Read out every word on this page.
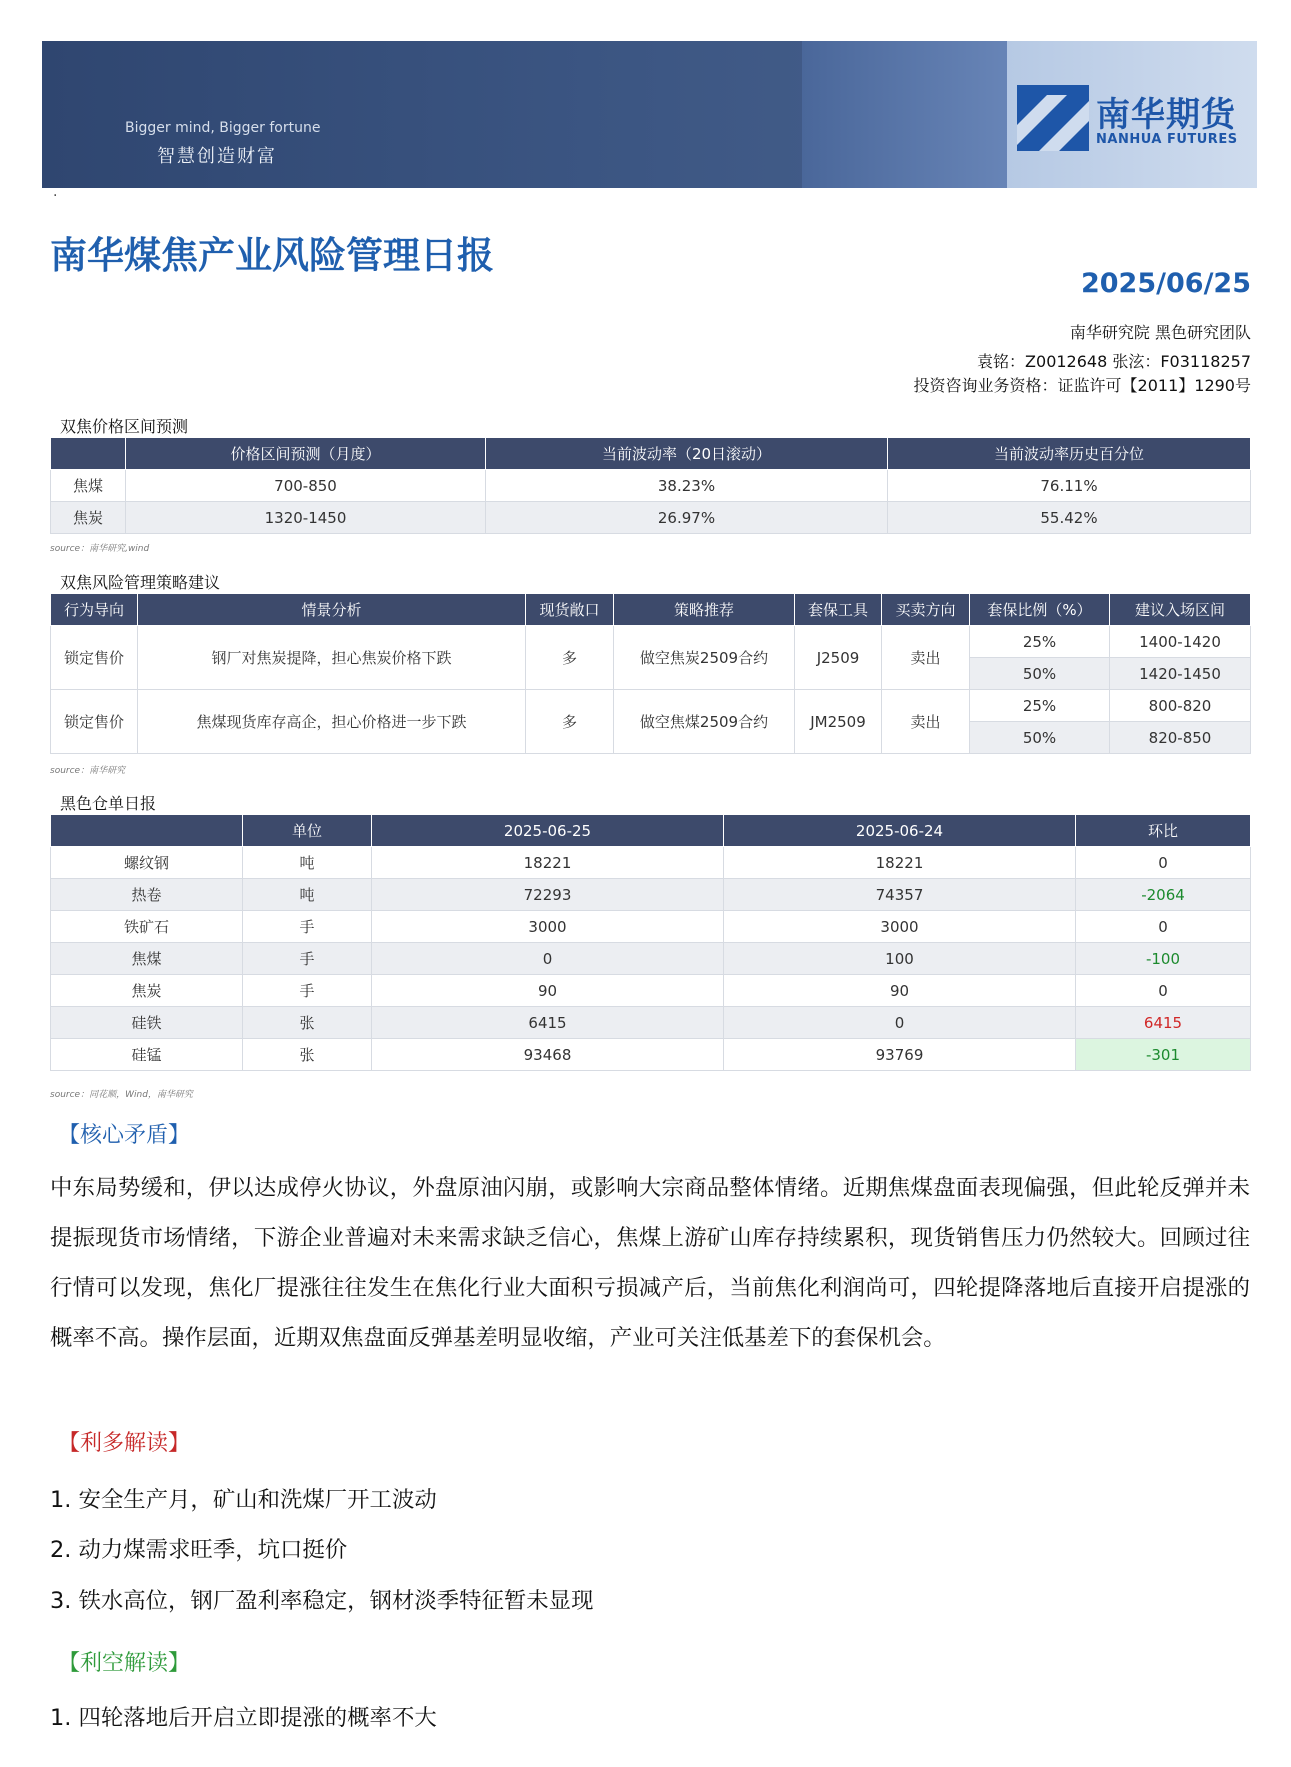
Bigger mind, Bigger fortune
智慧创造财富
南华期货
NANHUA FUTURES
·
南华煤焦产业风险管理日报
2025/06/25
南华研究院 黑色研究团队
袁铭：Z0012648 张泫：F03118257
投资咨询业务资格：证监许可【2011】1290号
双焦价格区间预测
	价格区间预测（月度）	当前波动率（20日滚动）	当前波动率历史百分位
焦煤	700-850	38.23%	76.11%
焦炭	1320-1450	26.97%	55.42%
source：南华研究,wind
双焦风险管理策略建议
行为导向	情景分析	现货敞口	策略推荐	套保工具	买卖方向	套保比例（%）	建议入场区间
锁定售价	钢厂对焦炭提降，担心焦炭价格下跌	多	做空焦炭2509合约	J2509	卖出	25%	1400-1420
						50%	1420-1450
锁定售价	焦煤现货库存高企，担心价格进一步下跌	多	做空焦煤2509合约	JM2509	卖出	25%	800-820
						50%	820-850
source：南华研究
黑色仓单日报
	单位	2025-06-25	2025-06-24	环比
螺纹钢	吨	18221	18221	0
热卷	吨	72293	74357	-2064
铁矿石	手	3000	3000	0
焦煤	手	0	100	-100
焦炭	手	90	90	0
硅铁	张	6415	0	6415
硅锰	张	93468	93769	-301
source：同花顺，Wind，南华研究
【核心矛盾】
中东局势缓和，伊以达成停火协议，外盘原油闪崩，或影响大宗商品整体情绪。近期焦煤盘面表现偏强，但此轮反弹并未提振现货市场情绪，下游企业普遍对未来需求缺乏信心，焦煤上游矿山库存持续累积，现货销售压力仍然较大。回顾过往行情可以发现，焦化厂提涨往往发生在焦化行业大面积亏损减产后，当前焦化利润尚可，四轮提降落地后直接开启提涨的概率不高。操作层面，近期双焦盘面反弹基差明显收缩，产业可关注低基差下的套保机会。
【利多解读】
1. 安全生产月，矿山和洗煤厂开工波动
2. 动力煤需求旺季，坑口挺价
3. 铁水高位，钢厂盈利率稳定，钢材淡季特征暂未显现
【利空解读】
1. 四轮落地后开启立即提涨的概率不大
